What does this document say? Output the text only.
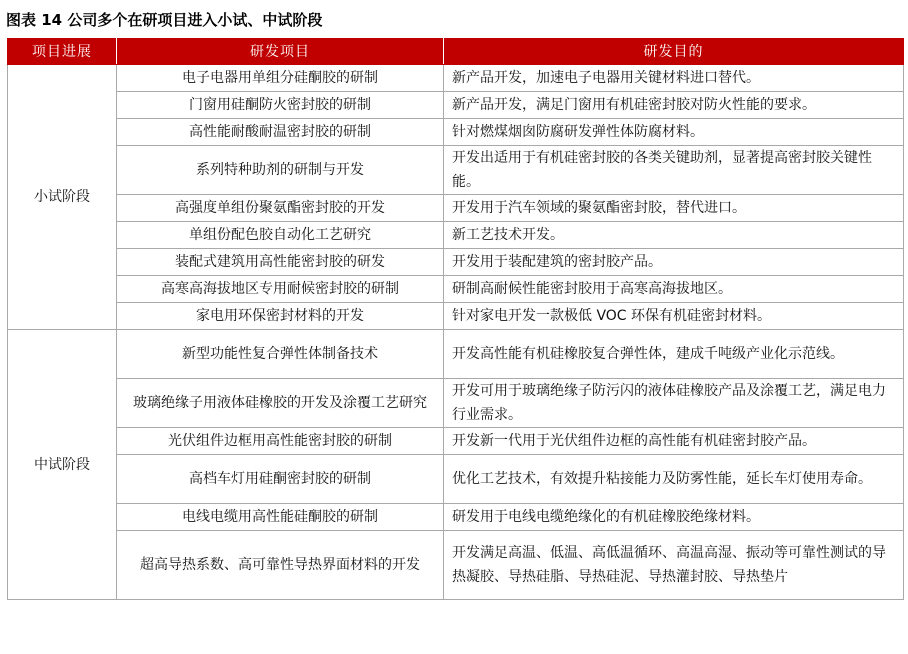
图表 14 公司多个在研项目进入小试、中试阶段
项目进展	研发项目	研发目的
小试阶段	电子电器用单组分硅酮胶的研制	新产品开发，加速电子电器用关键材料进口替代。
	门窗用硅酮防火密封胶的研制	新产品开发，满足门窗用有机硅密封胶对防火性能的要求。
	高性能耐酸耐温密封胶的研制	针对燃煤烟囱防腐研发弹性体防腐材料。
	系列特种助剂的研制与开发	开发出适用于有机硅密封胶的各类关键助剂，显著提高密封胶关键性能。
	高强度单组份聚氨酯密封胶的开发	开发用于汽车领域的聚氨酯密封胶，替代进口。
	单组份配色胶自动化工艺研究	新工艺技术开发。
	装配式建筑用高性能密封胶的研发	开发用于装配建筑的密封胶产品。
	高寒高海拔地区专用耐候密封胶的研制	研制高耐候性能密封胶用于高寒高海拔地区。
	家电用环保密封材料的开发	针对家电开发一款极低 VOC 环保有机硅密封材料。
中试阶段	新型功能性复合弹性体制备技术	开发高性能有机硅橡胶复合弹性体，建成千吨级产业化示范线。
	玻璃绝缘子用液体硅橡胶的开发及涂覆工艺研究	开发可用于玻璃绝缘子防污闪的液体硅橡胶产品及涂覆工艺，满足电力行业需求。
	光伏组件边框用高性能密封胶的研制	开发新一代用于光伏组件边框的高性能有机硅密封胶产品。
	高档车灯用硅酮密封胶的研制	优化工艺技术，有效提升粘接能力及防雾性能，延长车灯使用寿命。
	电线电缆用高性能硅酮胶的研制	研发用于电线电缆绝缘化的有机硅橡胶绝缘材料。
	超高导热系数、高可靠性导热界面材料的开发	开发满足高温、低温、高低温循环、高温高湿、振动等可靠性测试的导热凝胶、导热硅脂、导热硅泥、导热灌封胶、导热垫片
